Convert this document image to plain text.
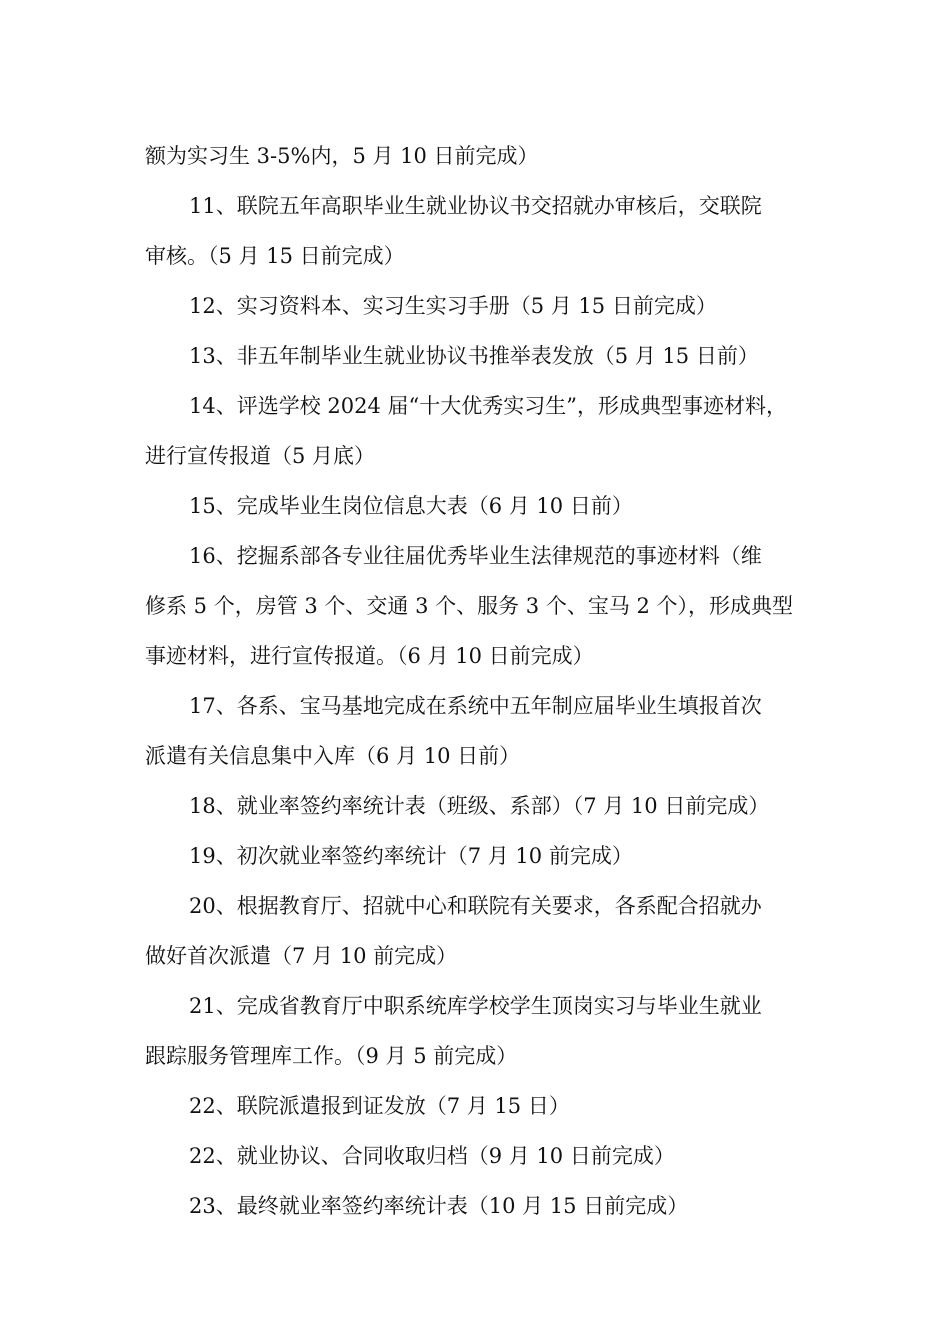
额为实习生 3-5%内，5 月 10 日前完成）
11、联院五年高职毕业生就业协议书交招就办审核后，交联院
审核。（5 月 15 日前完成）
12、实习资料本、实习生实习手册（5 月 15 日前完成）
13、非五年制毕业生就业协议书推举表发放（5 月 15 日前）
14、评选学校 2024 届“十大优秀实习生”，形成典型事迹材料，
进行宣传报道（5 月底）
15、完成毕业生岗位信息大表（6 月 10 日前）
16、挖掘系部各专业往届优秀毕业生法律规范的事迹材料（维
修系 5 个，房管 3 个、交通 3 个、服务 3 个、宝马 2 个），形成典型
事迹材料，进行宣传报道。（6 月 10 日前完成）
17、各系、宝马基地完成在系统中五年制应届毕业生填报首次
派遣有关信息集中入库（6 月 10 日前）
18、就业率签约率统计表（班级、系部）（7 月 10 日前完成）
19、初次就业率签约率统计（7 月 10 前完成）
20、根据教育厅、招就中心和联院有关要求，各系配合招就办
做好首次派遣（7 月 10 前完成）
21、完成省教育厅中职系统库学校学生顶岗实习与毕业生就业
跟踪服务管理库工作。（9 月 5 前完成）
22、联院派遣报到证发放（7 月 15 日）
22、就业协议、合同收取归档（9 月 10 日前完成）
23、最终就业率签约率统计表（10 月 15 日前完成）
